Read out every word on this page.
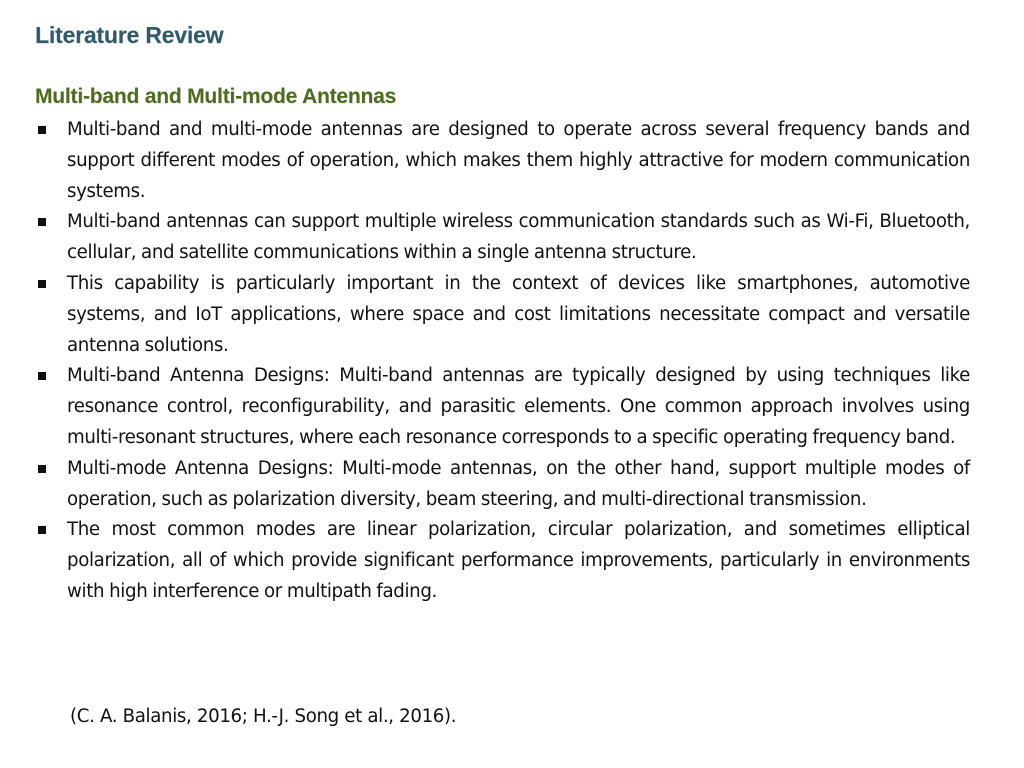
Literature Review
Multi-band and Multi-mode Antennas
Multi-band and multi-mode antennas are designed to operate across several frequency bands and support different modes of operation, which makes them highly attractive for modern communication systems.
Multi-band antennas can support multiple wireless communication standards such as Wi-Fi, Bluetooth, cellular, and satellite communications within a single antenna structure.
This capability is particularly important in the context of devices like smartphones, automotive systems, and IoT applications, where space and cost limitations necessitate compact and versatile antenna solutions.
Multi-band Antenna Designs: Multi-band antennas are typically designed by using techniques like resonance control, reconfigurability, and parasitic elements. One common approach involves using multi-resonant structures, where each resonance corresponds to a specific operating frequency band.
Multi-mode Antenna Designs: Multi-mode antennas, on the other hand, support multiple modes of operation, such as polarization diversity, beam steering, and multi-directional transmission.
The most common modes are linear polarization, circular polarization, and sometimes elliptical polarization, all of which provide significant performance improvements, particularly in environments with high interference or multipath fading.
(C. A. Balanis, 2016; H.-J. Song et al., 2016).
